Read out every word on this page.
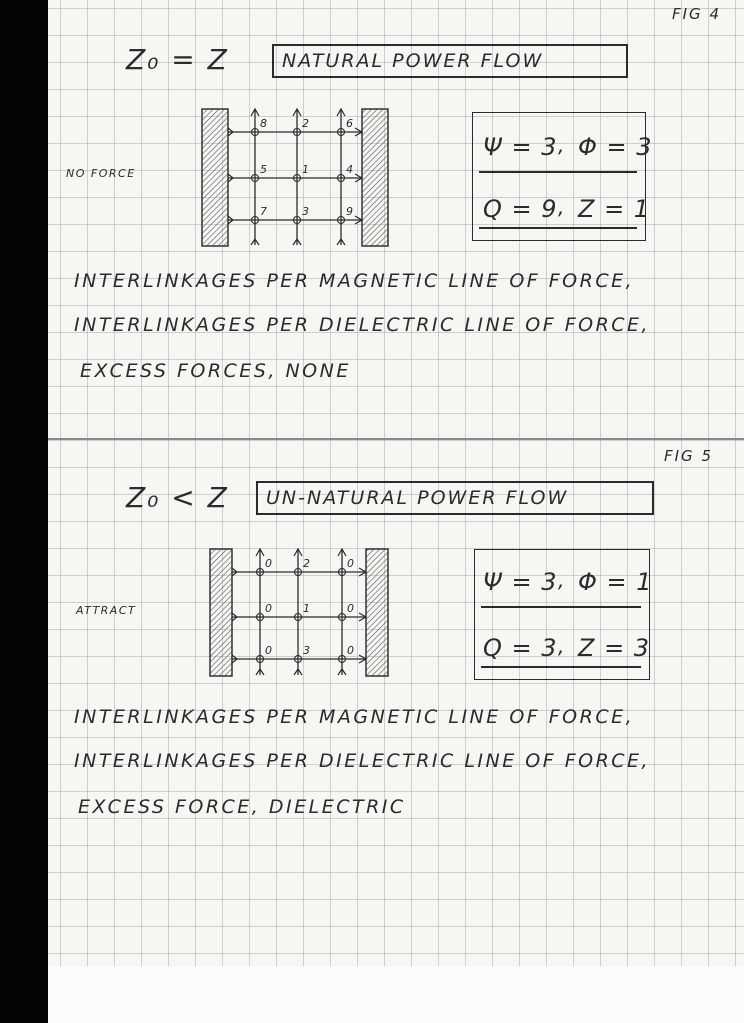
FIG 4
Z₀ = Z	NATURAL POWER FLOW
NO FORCE
8	2	6
5	1	4
7	3	9
Ψ = 3 , Φ = 3
Q = 9 , Z = 1
INTERLINKAGES PER MAGNETIC LINE OF FORCE,
INTERLINKAGES PER DIELECTRIC LINE OF FORCE,
EXCESS FORCES, NONE
FIG 5
Z₀ < Z UN-NATURAL POWER FLOW
ATTRACT
0	2	0
0	1	0
0	3	0
Ψ = 3 , Φ = 1
Q = 3 , Z = 3
INTERLINKAGES PER MAGNETIC LINE OF FORCE,
INTERLINKAGES PER DIELECTRIC LINE OF FORCE,
EXCESS FORCE, DIELECTRIC
